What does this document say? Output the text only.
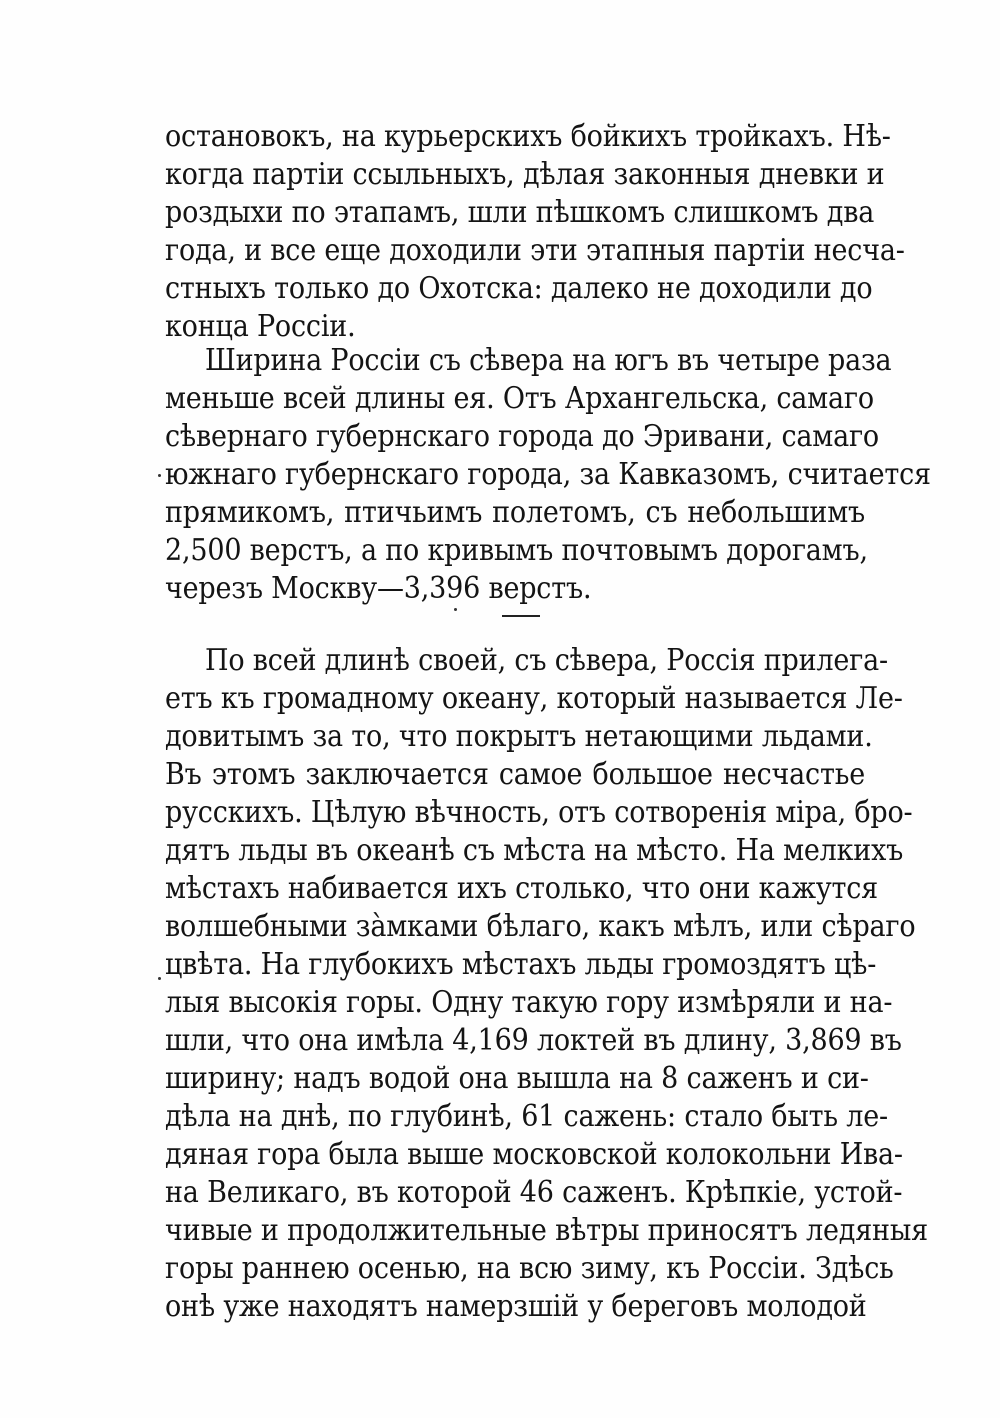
остановокъ, на курьерскихъ бойкихъ тройкахъ. Нѣ-
когда партіи ссыльныхъ, дѣлая законныя дневки и
роздыхи по этапамъ, шли пѣшкомъ слишкомъ два
года, и все еще доходили эти этапныя партіи несча-
стныхъ только до Охотска: далеко не доходили до
конца Россіи.
Ширина Россіи съ сѣвера на югъ въ четыре раза
меньше всей длины ея. Отъ Архангельска, самаго
сѣвернаго губернскаго города до Эривани, самаго
южнаго губернскаго города, за Кавказомъ, считается
прямикомъ, птичьимъ полетомъ, съ небольшимъ
2,500 верстъ, а по кривымъ почтовымъ дорогамъ,
черезъ Москву—3,396 верстъ.
По всей длинѣ своей, съ сѣвера, Россія прилега-
етъ къ громадному океану, который называется Ле-
довитымъ за то, что покрытъ нетающими льдами.
Въ этомъ заключается самое большое несчастье
русскихъ. Цѣлую вѣчность, отъ сотворенія міра, бро-
дятъ льды въ океанѣ съ мѣста на мѣсто. На мелкихъ
мѣстахъ набивается ихъ столько, что они кажутся
волшебными зàмками бѣлаго, какъ мѣлъ, или сѣраго
цвѣта. На глубокихъ мѣстахъ льды громоздятъ цѣ-
лыя высокія горы. Одну такую гору измѣряли и на-
шли, что она имѣла 4,169 локтей въ длину, 3,869 въ
ширину; надъ водой она вышла на 8 саженъ и си-
дѣла на днѣ, по глубинѣ, 61 сажень: стало быть ле-
дяная гора была выше московской колокольни Ива-
на Великаго, въ которой 46 саженъ. Крѣпкіе, устой-
чивые и продолжительные вѣтры приносятъ ледяныя
горы раннею осенью, на всю зиму, къ Россіи. Здѣсь
онѣ уже находятъ намерзшій у береговъ молодой
